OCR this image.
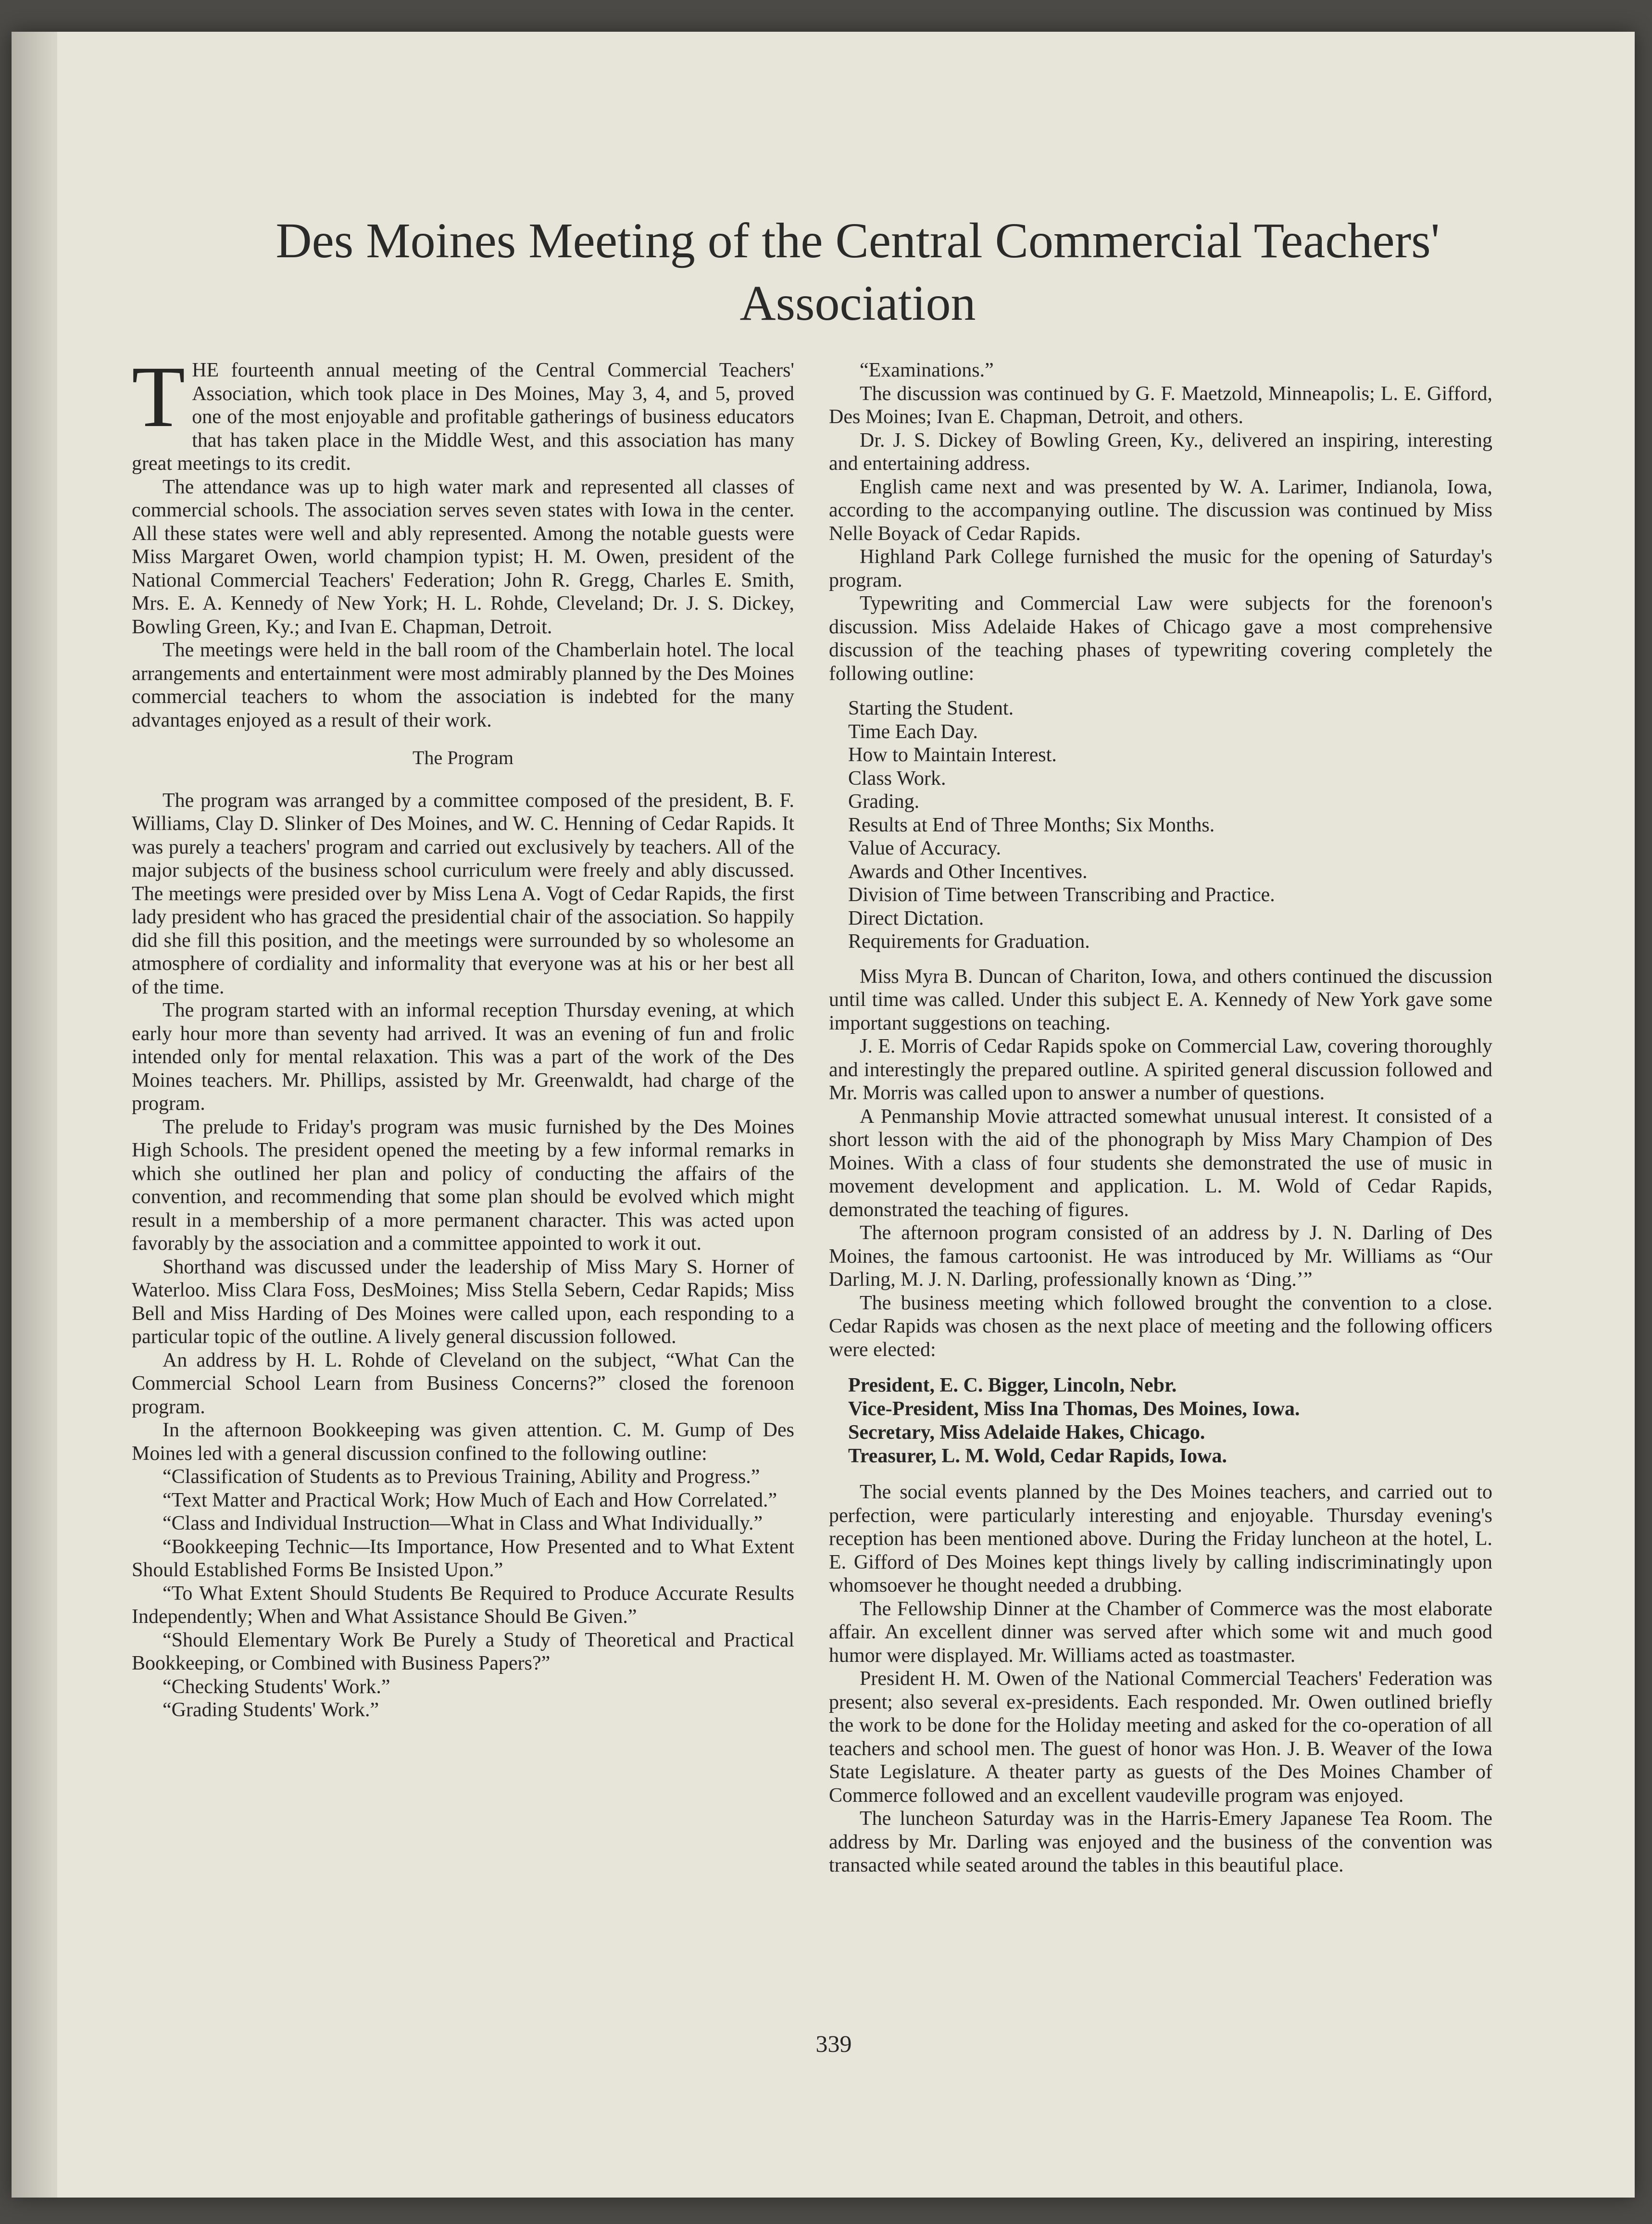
Des Moines Meeting of the Central Commercial Teachers' Association

THE fourteenth annual meeting of the Central Commercial Teachers' Association, which took place in Des Moines, May 3, 4, and 5, proved one of the most enjoyable and profitable gatherings of business educators that has taken place in the Middle West, and this association has many great meetings to its credit.

The attendance was up to high water mark and represented all classes of commercial schools. The association serves seven states with Iowa in the center. All these states were well and ably represented. Among the notable guests were Miss Margaret Owen, world champion typist; H. M. Owen, president of the National Commercial Teachers' Federation; John R. Gregg, Charles E. Smith, Mrs. E. A. Kennedy of New York; H. L. Rohde, Cleveland; Dr. J. S. Dickey, Bowling Green, Ky.; and Ivan E. Chapman, Detroit.

The meetings were held in the ball room of the Chamberlain hotel. The local arrangements and entertainment were most admirably planned by the Des Moines commercial teachers to whom the association is indebted for the many advantages enjoyed as a result of their work.

The Program

The program was arranged by a committee composed of the president, B. F. Williams, Clay D. Slinker of Des Moines, and W. C. Henning of Cedar Rapids. It was purely a teachers' program and carried out exclusively by teachers. All of the major subjects of the business school curriculum were freely and ably discussed. The meetings were presided over by Miss Lena A. Vogt of Cedar Rapids, the first lady president who has graced the presidential chair of the association. So happily did she fill this position, and the meetings were surrounded by so wholesome an atmosphere of cordiality and informality that everyone was at his or her best all of the time.

The program started with an informal reception Thursday evening, at which early hour more than seventy had arrived. It was an evening of fun and frolic intended only for mental relaxation. This was a part of the work of the Des Moines teachers. Mr. Phillips, assisted by Mr. Greenwaldt, had charge of the program.

The prelude to Friday's program was music furnished by the Des Moines High Schools. The president opened the meeting by a few informal remarks in which she outlined her plan and policy of conducting the affairs of the convention, and recommending that some plan should be evolved which might result in a membership of a more permanent character. This was acted upon favorably by the association and a committee appointed to work it out.

Shorthand was discussed under the leadership of Miss Mary S. Horner of Waterloo. Miss Clara Foss, DesMoines; Miss Stella Sebern, Cedar Rapids; Miss Bell and Miss Harding of Des Moines were called upon, each responding to a particular topic of the outline. A lively general discussion followed.

An address by H. L. Rohde of Cleveland on the subject, “What Can the Commercial School Learn from Business Concerns?” closed the forenoon program.

In the afternoon Bookkeeping was given attention. C. M. Gump of Des Moines led with a general discussion confined to the following outline:

“Classification of Students as to Previous Training, Ability and Progress.”

“Text Matter and Practical Work; How Much of Each and How Correlated.”

“Class and Individual Instruction—What in Class and What Individually.”

“Bookkeeping Technic—Its Importance, How Presented and to What Extent Should Established Forms Be Insisted Upon.”

“To What Extent Should Students Be Required to Produce Accurate Results Independently; When and What Assistance Should Be Given.”

“Should Elementary Work Be Purely a Study of Theoretical and Practical Bookkeeping, or Combined with Business Papers?”

“Checking Students' Work.”

“Grading Students' Work.”

“Examinations.”

The discussion was continued by G. F. Maetzold, Minneapolis; L. E. Gifford, Des Moines; Ivan E. Chapman, Detroit, and others.

Dr. J. S. Dickey of Bowling Green, Ky., delivered an inspiring, interesting and entertaining address.

English came next and was presented by W. A. Larimer, Indianola, Iowa, according to the accompanying outline. The discussion was continued by Miss Nelle Boyack of Cedar Rapids.

Highland Park College furnished the music for the opening of Saturday's program.

Typewriting and Commercial Law were subjects for the forenoon's discussion. Miss Adelaide Hakes of Chicago gave a most comprehensive discussion of the teaching phases of typewriting covering completely the following outline:

Starting the Student.
Time Each Day.
How to Maintain Interest.
Class Work.
Grading.
Results at End of Three Months; Six Months.
Value of Accuracy.
Awards and Other Incentives.
Division of Time between Transcribing and Practice.
Direct Dictation.
Requirements for Graduation.

Miss Myra B. Duncan of Chariton, Iowa, and others continued the discussion until time was called. Under this subject E. A. Kennedy of New York gave some important suggestions on teaching.

J. E. Morris of Cedar Rapids spoke on Commercial Law, covering thoroughly and interestingly the prepared outline. A spirited general discussion followed and Mr. Morris was called upon to answer a number of questions.

A Penmanship Movie attracted somewhat unusual interest. It consisted of a short lesson with the aid of the phonograph by Miss Mary Champion of Des Moines. With a class of four students she demonstrated the use of music in movement development and application. L. M. Wold of Cedar Rapids, demonstrated the teaching of figures.

The afternoon program consisted of an address by J. N. Darling of Des Moines, the famous cartoonist. He was introduced by Mr. Williams as “Our Darling, M. J. N. Darling, professionally known as ‘Ding.’”

The business meeting which followed brought the convention to a close. Cedar Rapids was chosen as the next place of meeting and the following officers were elected:

President, E. C. Bigger, Lincoln, Nebr.
Vice-President, Miss Ina Thomas, Des Moines, Iowa.
Secretary, Miss Adelaide Hakes, Chicago.
Treasurer, L. M. Wold, Cedar Rapids, Iowa.

The social events planned by the Des Moines teachers, and carried out to perfection, were particularly interesting and enjoyable. Thursday evening's reception has been mentioned above. During the Friday luncheon at the hotel, L. E. Gifford of Des Moines kept things lively by calling indiscriminatingly upon whomsoever he thought needed a drubbing.

The Fellowship Dinner at the Chamber of Commerce was the most elaborate affair. An excellent dinner was served after which some wit and much good humor were displayed. Mr. Williams acted as toastmaster.

President H. M. Owen of the National Commercial Teachers' Federation was present; also several ex-presidents. Each responded. Mr. Owen outlined briefly the work to be done for the Holiday meeting and asked for the co-operation of all teachers and school men. The guest of honor was Hon. J. B. Weaver of the Iowa State Legislature. A theater party as guests of the Des Moines Chamber of Commerce followed and an excellent vaudeville program was enjoyed.

The luncheon Saturday was in the Harris-Emery Japanese Tea Room. The address by Mr. Darling was enjoyed and the business of the convention was transacted while seated around the tables in this beautiful place.

339
